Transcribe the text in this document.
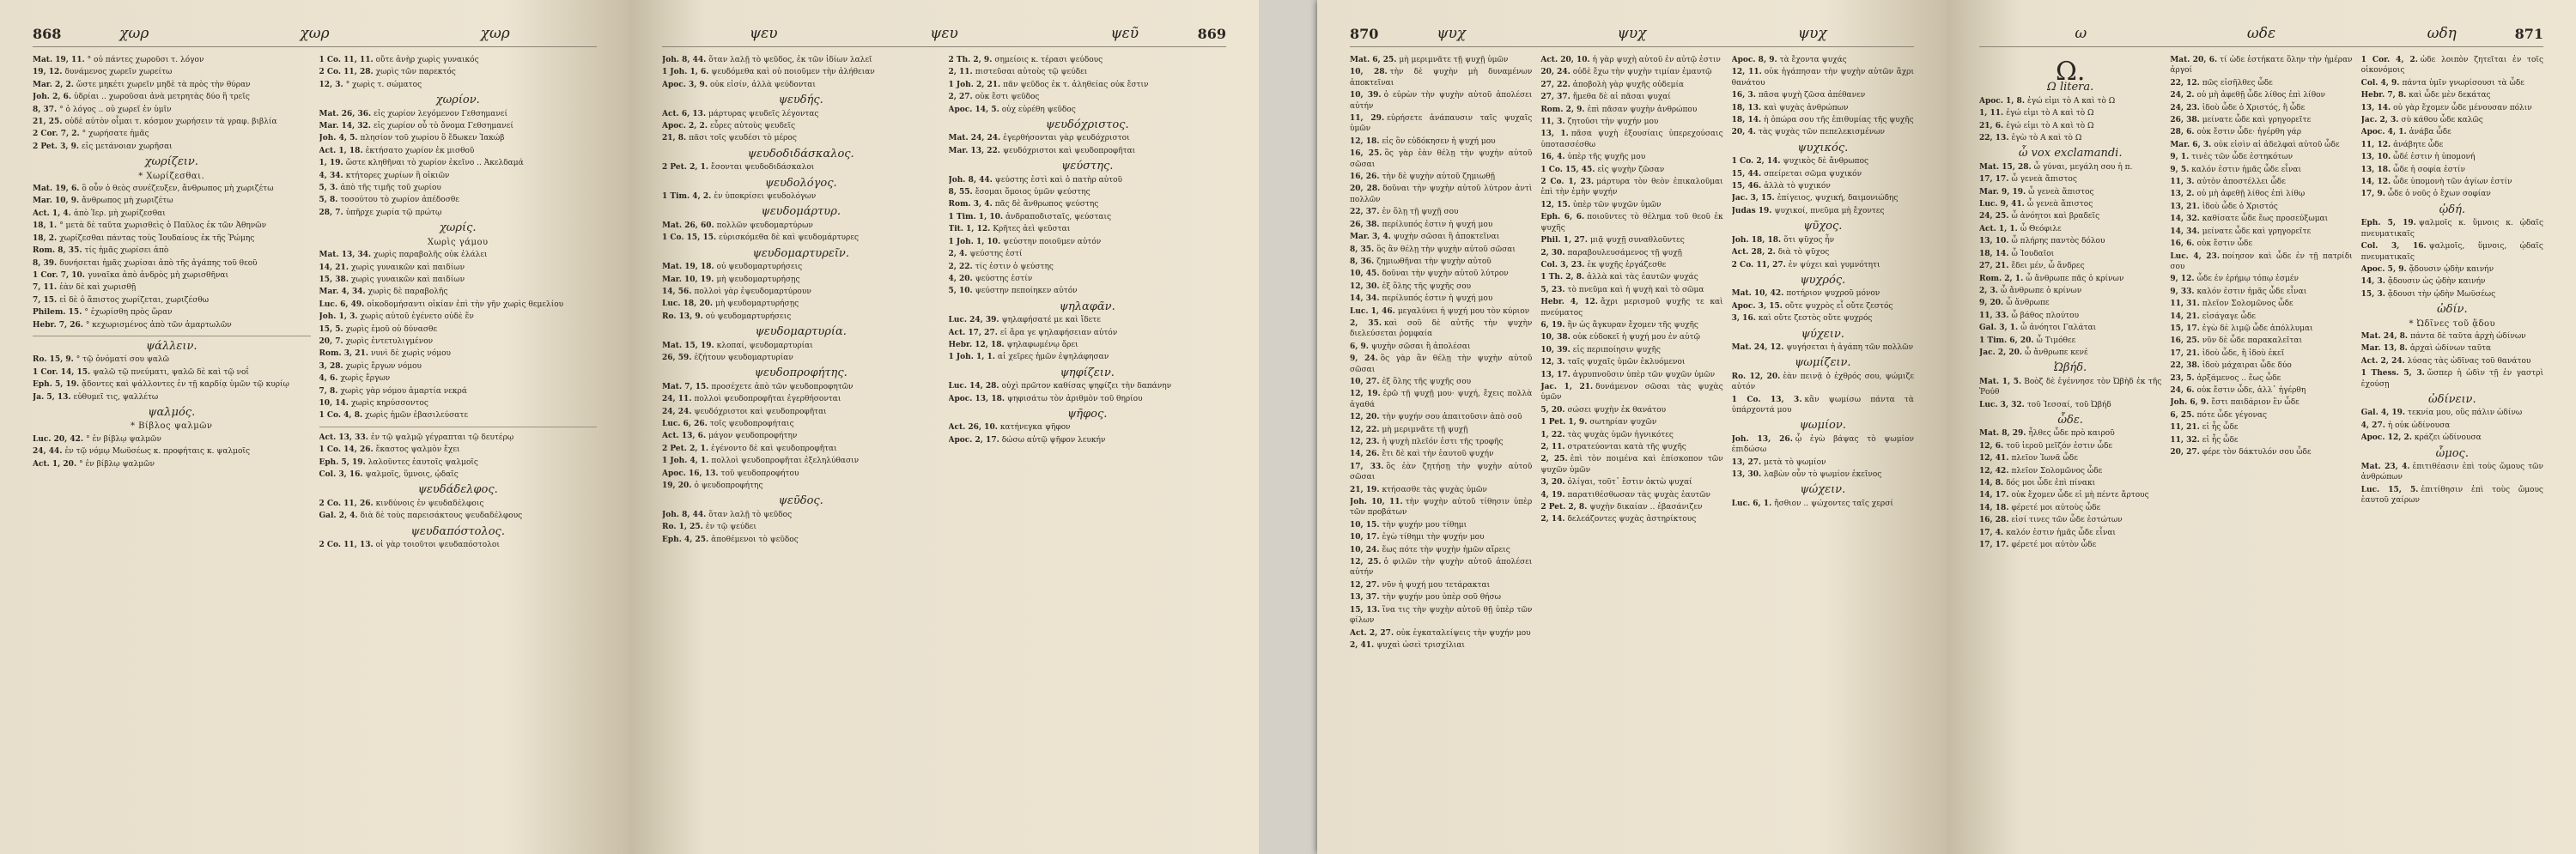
868	χωρ	χωρ	χωρ
Mat. 19, 11. ° οὐ πάντες χωροῦσι τ. λόγον
19, 12. δυνάμενος χωρεῖν χωρείτω
Mar. 2, 2. ὥστε μηκέτι χωρεῖν μηδὲ τὰ πρὸς τὴν θύραν
Joh. 2, 6. ὑδρίαι .. χωροῦσαι ἀνὰ μετρητὰς δύο ἢ τρεῖς
8, 37. ° ὁ λόγος .. οὐ χωρεῖ ἐν ὑμῖν
21, 25. οὐδὲ αὐτὸν οἶμαι τ. κόσμον χωρήσειν τὰ γραφ. βιβλία
2 Cor. 7, 2. ° χωρήσατε ἡμᾶς
2 Pet. 3, 9. εἰς μετάνοιαν χωρῆσαι
χωρίζειν.
* Χωρίζεσθαι.
Mat. 19, 6. ὃ οὖν ὁ θεὸς συνέζευξεν, ἄνθρωπος μὴ χωριζέτω
Mar. 10, 9. ἄνθρωπος μὴ χωριζέτω
Act. 1, 4. ἀπὸ Ἱερ. μὴ χωρίζεσθαι
18, 1. ° μετὰ δὲ ταῦτα χωρισθεὶς ὁ Παῦλος ἐκ τῶν Ἀθηνῶν
18, 2. χωρίζεσθαι πάντας τοὺς Ἰουδαίους ἐκ τῆς Ῥώμης
Rom. 8, 35. τίς ἡμᾶς χωρίσει ἀπὸ
8, 39. δυνήσεται ἡμᾶς χωρίσαι ἀπὸ τῆς ἀγάπης τοῦ θεοῦ
1 Cor. 7, 10. γυναῖκα ἀπὸ ἀνδρὸς μὴ χωρισθῆναι
7, 11. ἐὰν δὲ καὶ χωρισθῇ
7, 15. εἰ δὲ ὁ ἄπιστος χωρίζεται, χωριζέσθω
Philem. 15. ° ἐχωρίσθη πρὸς ὥραν
Hebr. 7, 26. ° κεχωρισμένος ἀπὸ τῶν ἁμαρτωλῶν
ψάλλειν.
Ro. 15, 9. ° τῷ ὀνόματί σου ψαλῶ
1 Cor. 14, 15. ψαλῶ τῷ πνεύματι, ψαλῶ δὲ καὶ τῷ νοΐ
Eph. 5, 19. ᾄδοντες καὶ ψάλλοντες ἐν τῇ καρδίᾳ ὑμῶν τῷ κυρίῳ
Ja. 5, 13. εὐθυμεῖ τις, ψαλλέτω
ψαλμός.
* Βίβλος ψαλμῶν
Luc. 20, 42. ° ἐν βίβλῳ ψαλμῶν
24, 44. ἐν τῷ νόμῳ Μωϋσέως κ. προφήταις κ. ψαλμοῖς
Act. 1, 20. ° ἐν βίβλῳ ψαλμῶν
1 Co. 11, 11. οὔτε ἀνὴρ χωρὶς γυναικός
2 Co. 11, 28. χωρὶς τῶν παρεκτός
12, 3. ° χωρὶς τ. σώματος
χωρίον.
Mat. 26, 36. εἰς χωρίον λεγόμενον Γεθσημανεί
Mar. 14, 32. εἰς χωρίον οὗ τὸ ὄνομα Γεθσημανεί
Joh. 4, 5. πλησίον τοῦ χωρίου ὃ ἔδωκεν Ἰακώβ
Act. 1, 18. ἐκτήσατο χωρίον ἐκ μισθοῦ
1, 19. ὥστε κληθῆναι τὸ χωρίον ἐκεῖνο .. Ἀκελδαμά
4, 34. κτήτορες χωρίων ἢ οἰκιῶν
5, 3. ἀπὸ τῆς τιμῆς τοῦ χωρίου
5, 8. τοσούτου τὸ χωρίον ἀπέδοσθε
28, 7. ὑπῆρχε χωρία τῷ πρώτῳ
χωρίς.
Χωρὶς γάμου
Mat. 13, 34. χωρὶς παραβολῆς οὐκ ἐλάλει
14, 21. χωρὶς γυναικῶν καὶ παιδίων
15, 38. χωρὶς γυναικῶν καὶ παιδίων
Mar. 4, 34. χωρὶς δὲ παραβολῆς
Luc. 6, 49. οἰκοδομήσαντι οἰκίαν ἐπὶ τὴν γῆν χωρὶς θεμελίου
Joh. 1, 3. χωρὶς αὐτοῦ ἐγένετο οὐδὲ ἕν
15, 5. χωρὶς ἐμοῦ οὐ δύνασθε
20, 7. χωρὶς ἐντετυλιγμένον
Rom. 3, 21. νυνὶ δὲ χωρὶς νόμου
3, 28. χωρὶς ἔργων νόμου
4, 6. χωρὶς ἔργων
7, 8. χωρὶς γὰρ νόμου ἁμαρτία νεκρά
10, 14. χωρὶς κηρύσσοντος
1 Co. 4, 8. χωρὶς ἡμῶν ἐβασιλεύσατε
Act. 13, 33. ἐν τῷ ψαλμῷ γέγραπται τῷ δευτέρῳ
1 Co. 14, 26. ἕκαστος ψαλμὸν ἔχει
Eph. 5, 19. λαλοῦντες ἑαυτοῖς ψαλμοῖς
Col. 3, 16. ψαλμοῖς, ὕμνοις, ᾠδαῖς
ψευδάδελφος.
2 Co. 11, 26. κινδύνοις ἐν ψευδαδέλφοις
Gal. 2, 4. διὰ δὲ τοὺς παρεισάκτους ψευδαδέλφους
ψευδαπόστολος.
2 Co. 11, 13. οἱ γὰρ τοιοῦτοι ψευδαπόστολοι
869
ψευ	ψευ	ψεῦ
Joh. 8, 44. ὅταν λαλῇ τὸ ψεῦδος, ἐκ τῶν ἰδίων λαλεῖ
1 Joh. 1, 6. ψευδόμεθα καὶ οὐ ποιοῦμεν τὴν ἀλήθειαν
Apoc. 3, 9. οὐκ εἰσίν, ἀλλὰ ψεύδονται
ψευδής.
Act. 6, 13. μάρτυρας ψευδεῖς λέγοντας
Apoc. 2, 2. εὗρες αὐτοὺς ψευδεῖς
21, 8. πᾶσι τοῖς ψευδέσι τὸ μέρος
ψευδοδιδάσκαλος.
2 Pet. 2, 1. ἔσονται ψευδοδιδάσκαλοι
ψευδολόγος.
1 Tim. 4, 2. ἐν ὑποκρίσει ψευδολόγων
ψευδομάρτυρ.
Mat. 26, 60. πολλῶν ψευδομαρτύρων
1 Co. 15, 15. εὑρισκόμεθα δὲ καὶ ψευδομάρτυρες
ψευδομαρτυρεῖν.
Mat. 19, 18. οὐ ψευδομαρτυρήσεις
Mar. 10, 19. μὴ ψευδομαρτυρήσῃς
14, 56. πολλοὶ γὰρ ἐψευδομαρτύρουν
Luc. 18, 20. μὴ ψευδομαρτυρήσῃς
Ro. 13, 9. οὐ ψευδομαρτυρήσεις
ψευδομαρτυρία.
Mat. 15, 19. κλοπαί, ψευδομαρτυρίαι
26, 59. ἐζήτουν ψευδομαρτυρίαν
ψευδοπροφήτης.
Mat. 7, 15. προσέχετε ἀπὸ τῶν ψευδοπροφητῶν
24, 11. πολλοὶ ψευδοπροφῆται ἐγερθήσονται
24, 24. ψευδόχριστοι καὶ ψευδοπροφῆται
Luc. 6, 26. τοῖς ψευδοπροφήταις
Act. 13, 6. μάγον ψευδοπροφήτην
2 Pet. 2, 1. ἐγένοντο δὲ καὶ ψευδοπροφῆται
1 Joh. 4, 1. πολλοὶ ψευδοπροφῆται ἐξεληλύθασιν
Apoc. 16, 13. τοῦ ψευδοπροφήτου
19, 20. ὁ ψευδοπροφήτης
ψεῦδος.
Joh. 8, 44. ὅταν λαλῇ τὸ ψεῦδος
Ro. 1, 25. ἐν τῷ ψεύδει
Eph. 4, 25. ἀποθέμενοι τὸ ψεῦδος
2 Th. 2, 9. σημείοις κ. τέρασι ψεύδους
2, 11. πιστεῦσαι αὐτοὺς τῷ ψεύδει
1 Joh. 2, 21. πᾶν ψεῦδος ἐκ τ. ἀληθείας οὐκ ἔστιν
2, 27. οὐκ ἔστι ψεῦδος
Apoc. 14, 5. οὐχ εὑρέθη ψεῦδος
ψευδόχριστος.
Mat. 24, 24. ἐγερθήσονται γὰρ ψευδόχριστοι
Mar. 13, 22. ψευδόχριστοι καὶ ψευδοπροφῆται
ψεύστης.
Joh. 8, 44. ψεύστης ἐστὶ καὶ ὁ πατὴρ αὐτοῦ
8, 55. ἔσομαι ὅμοιος ὑμῶν ψεύστης
Rom. 3, 4. πᾶς δὲ ἄνθρωπος ψεύστης
1 Tim. 1, 10. ἀνδραποδισταῖς, ψεύσταις
Tit. 1, 12. Κρῆτες ἀεὶ ψεῦσται
1 Joh. 1, 10. ψεύστην ποιοῦμεν αὐτόν
2, 4. ψεύστης ἐστί
2, 22. τίς ἐστιν ὁ ψεύστης
4, 20. ψεύστης ἐστίν
5, 10. ψεύστην πεποίηκεν αὐτόν
ψηλαφᾶν.
Luc. 24, 39. ψηλαφήσατέ με καὶ ἴδετε
Act. 17, 27. εἰ ἄρα γε ψηλαφήσειαν αὐτόν
Hebr. 12, 18. ψηλαφωμένῳ ὄρει
1 Joh. 1, 1. αἱ χεῖρες ἡμῶν ἐψηλάφησαν
ψηφίζειν.
Luc. 14, 28. οὐχὶ πρῶτον καθίσας ψηφίζει τὴν δαπάνην
Apoc. 13, 18. ψηφισάτω τὸν ἀριθμὸν τοῦ θηρίου
ψῆφος.
Act. 26, 10. κατήνεγκα ψῆφον
Apoc. 2, 17. δώσω αὐτῷ ψῆφον λευκήν
870	ψυχ	ψυχ	ψυχ
Mat. 6, 25. μὴ μεριμνᾶτε τῇ ψυχῇ ὑμῶν
10, 28. τὴν δὲ ψυχὴν μὴ δυναμένων ἀποκτεῖναι
10, 39. ὁ εὑρὼν τὴν ψυχὴν αὐτοῦ ἀπολέσει αὐτήν
11, 29. εὑρήσετε ἀνάπαυσιν ταῖς ψυχαῖς ὑμῶν
12, 18. εἰς ὃν εὐδόκησεν ἡ ψυχή μου
16, 25. ὃς γὰρ ἐὰν θέλῃ τὴν ψυχὴν αὐτοῦ σῶσαι
16, 26. τὴν δὲ ψυχὴν αὐτοῦ ζημιωθῇ
20, 28. δοῦναι τὴν ψυχὴν αὐτοῦ λύτρον ἀντὶ πολλῶν
22, 37. ἐν ὅλῃ τῇ ψυχῇ σου
26, 38. περίλυπός ἐστιν ἡ ψυχή μου
Mar. 3, 4. ψυχὴν σῶσαι ἢ ἀποκτεῖναι
8, 35. ὃς ἂν θέλῃ τὴν ψυχὴν αὐτοῦ σῶσαι
8, 36. ζημιωθῆναι τὴν ψυχὴν αὐτοῦ
10, 45. δοῦναι τὴν ψυχὴν αὐτοῦ λύτρον
12, 30. ἐξ ὅλης τῆς ψυχῆς σου
14, 34. περίλυπός ἐστιν ἡ ψυχή μου
Luc. 1, 46. μεγαλύνει ἡ ψυχή μου τὸν κύριον
2, 35. καὶ σοῦ δὲ αὐτῆς τὴν ψυχὴν διελεύσεται ῥομφαία
6, 9. ψυχὴν σῶσαι ἢ ἀπολέσαι
9, 24. ὃς γὰρ ἂν θέλῃ τὴν ψυχὴν αὐτοῦ σῶσαι
10, 27. ἐξ ὅλης τῆς ψυχῆς σου
12, 19. ἐρῶ τῇ ψυχῇ μου· ψυχή, ἔχεις πολλὰ ἀγαθά
12, 20. τὴν ψυχήν σου ἀπαιτοῦσιν ἀπὸ σοῦ
12, 22. μὴ μεριμνᾶτε τῇ ψυχῇ
12, 23. ἡ ψυχὴ πλεῖόν ἐστι τῆς τροφῆς
14, 26. ἔτι δὲ καὶ τὴν ἑαυτοῦ ψυχήν
17, 33. ὃς ἐὰν ζητήσῃ τὴν ψυχὴν αὐτοῦ σῶσαι
21, 19. κτήσασθε τὰς ψυχὰς ὑμῶν
Joh. 10, 11. τὴν ψυχὴν αὐτοῦ τίθησιν ὑπὲρ τῶν προβάτων
10, 15. τὴν ψυχήν μου τίθημι
10, 17. ἐγὼ τίθημι τὴν ψυχήν μου
10, 24. ἕως πότε τὴν ψυχὴν ἡμῶν αἴρεις
12, 25. ὁ φιλῶν τὴν ψυχὴν αὐτοῦ ἀπολέσει αὐτήν
12, 27. νῦν ἡ ψυχή μου τετάρακται
13, 37. τὴν ψυχήν μου ὑπὲρ σοῦ θήσω
15, 13. ἵνα τις τὴν ψυχὴν αὐτοῦ θῇ ὑπὲρ τῶν φίλων
Act. 2, 27. οὐκ ἐγκαταλείψεις τὴν ψυχήν μου
2, 41. ψυχαὶ ὡσεὶ τρισχίλιαι
Act. 20, 10. ἡ γὰρ ψυχὴ αὐτοῦ ἐν αὐτῷ ἐστιν
20, 24. οὐδὲ ἔχω τὴν ψυχὴν τιμίαν ἐμαυτῷ
27, 22. ἀποβολὴ γὰρ ψυχῆς οὐδεμία
27, 37. ἤμεθα δὲ αἱ πᾶσαι ψυχαί
Rom. 2, 9. ἐπὶ πᾶσαν ψυχὴν ἀνθρώπου
11, 3. ζητοῦσι τὴν ψυχήν μου
13, 1. πᾶσα ψυχὴ ἐξουσίαις ὑπερεχούσαις ὑποτασσέσθω
16, 4. ὑπὲρ τῆς ψυχῆς μου
1 Co. 15, 45. εἰς ψυχὴν ζῶσαν
2 Co. 1, 23. μάρτυρα τὸν θεὸν ἐπικαλοῦμαι ἐπὶ τὴν ἐμὴν ψυχήν
12, 15. ὑπὲρ τῶν ψυχῶν ὑμῶν
Eph. 6, 6. ποιοῦντες τὸ θέλημα τοῦ θεοῦ ἐκ ψυχῆς
Phil. 1, 27. μιᾷ ψυχῇ συναθλοῦντες
2, 30. παραβουλευσάμενος τῇ ψυχῇ
Col. 3, 23. ἐκ ψυχῆς ἐργάζεσθε
1 Th. 2, 8. ἀλλὰ καὶ τὰς ἑαυτῶν ψυχάς
5, 23. τὸ πνεῦμα καὶ ἡ ψυχὴ καὶ τὸ σῶμα
Hebr. 4, 12. ἄχρι μερισμοῦ ψυχῆς τε καὶ πνεύματος
6, 19. ἣν ὡς ἄγκυραν ἔχομεν τῆς ψυχῆς
10, 38. οὐκ εὐδοκεῖ ἡ ψυχή μου ἐν αὐτῷ
10, 39. εἰς περιποίησιν ψυχῆς
12, 3. ταῖς ψυχαῖς ὑμῶν ἐκλυόμενοι
13, 17. ἀγρυπνοῦσιν ὑπὲρ τῶν ψυχῶν ὑμῶν
Jac. 1, 21. δυνάμενον σῶσαι τὰς ψυχὰς ὑμῶν
5, 20. σώσει ψυχὴν ἐκ θανάτου
1 Pet. 1, 9. σωτηρίαν ψυχῶν
1, 22. τὰς ψυχὰς ὑμῶν ἡγνικότες
2, 11. στρατεύονται κατὰ τῆς ψυχῆς
2, 25. ἐπὶ τὸν ποιμένα καὶ ἐπίσκοπον τῶν ψυχῶν ὑμῶν
3, 20. ὀλίγαι, τοῦτ᾽ ἔστιν ὀκτὼ ψυχαί
4, 19. παρατιθέσθωσαν τὰς ψυχὰς ἑαυτῶν
2 Pet. 2, 8. ψυχὴν δικαίαν .. ἐβασάνιζεν
2, 14. δελεάζοντες ψυχὰς ἀστηρίκτους
Apoc. 8, 9. τὰ ἔχοντα ψυχάς
12, 11. οὐκ ἠγάπησαν τὴν ψυχὴν αὐτῶν ἄχρι θανάτου
16, 3. πᾶσα ψυχὴ ζῶσα ἀπέθανεν
18, 13. καὶ ψυχὰς ἀνθρώπων
18, 14. ἡ ὀπώρα σου τῆς ἐπιθυμίας τῆς ψυχῆς
20, 4. τὰς ψυχὰς τῶν πεπελεκισμένων
ψυχικός.
1 Co. 2, 14. ψυχικὸς δὲ ἄνθρωπος
15, 44. σπείρεται σῶμα ψυχικόν
15, 46. ἀλλὰ τὸ ψυχικόν
Jac. 3, 15. ἐπίγειος, ψυχική, δαιμονιώδης
Judas 19. ψυχικοί, πνεῦμα μὴ ἔχοντες
ψῦχος.
Joh. 18, 18. ὅτι ψῦχος ἦν
Act. 28, 2. διὰ τὸ ψῦχος
2 Co. 11, 27. ἐν ψύχει καὶ γυμνότητι
ψυχρός.
Mat. 10, 42. ποτήριον ψυχροῦ μόνον
Apoc. 3, 15. οὔτε ψυχρὸς εἶ οὔτε ζεστός
3, 16. καὶ οὔτε ζεστὸς οὔτε ψυχρός
ψύχειν.
Mat. 24, 12. ψυγήσεται ἡ ἀγάπη τῶν πολλῶν
ψωμίζειν.
Ro. 12, 20. ἐὰν πεινᾷ ὁ ἐχθρός σου, ψώμιζε αὐτόν
1 Co. 13, 3. κἂν ψωμίσω πάντα τὰ ὑπάρχοντά μου
ψωμίον.
Joh. 13, 26. ᾧ ἐγὼ βάψας τὸ ψωμίον ἐπιδώσω
13, 27. μετὰ τὸ ψωμίον
13, 30. λαβὼν οὖν τὸ ψωμίον ἐκεῖνος
ψώχειν.
Luc. 6, 1. ἤσθιον .. ψώχοντες ταῖς χερσί
871
ω	ωδε	ωδη
Ω.
Ω litera.
Apoc. 1, 8. ἐγώ εἰμι τὸ Α καὶ τὸ Ω
1, 11. ἐγώ εἰμι τὸ Α καὶ τὸ Ω
21, 6. ἐγώ εἰμι τὸ Α καὶ τὸ Ω
22, 13. ἐγὼ τὸ Α καὶ τὸ Ω
ὦ vox exclamandi.
Mat. 15, 28. ὦ γύναι, μεγάλη σου ἡ π.
17, 17. ὦ γενεὰ ἄπιστος
Mar. 9, 19. ὦ γενεὰ ἄπιστος
Luc. 9, 41. ὦ γενεὰ ἄπιστος
24, 25. ὦ ἀνόητοι καὶ βραδεῖς
Act. 1, 1. ὦ Θεόφιλε
13, 10. ὦ πλήρης παντὸς δόλου
18, 14. ὦ Ἰουδαῖοι
27, 21. ἔδει μέν, ὦ ἄνδρες
Rom. 2, 1. ὦ ἄνθρωπε πᾶς ὁ κρίνων
2, 3. ὦ ἄνθρωπε ὁ κρίνων
9, 20. ὦ ἄνθρωπε
11, 33. ὦ βάθος πλούτου
Gal. 3, 1. ὦ ἀνόητοι Γαλάται
1 Tim. 6, 20. ὦ Τιμόθεε
Jac. 2, 20. ὦ ἄνθρωπε κενέ
Ὠβήδ.
Mat. 1, 5. Βοὸζ δὲ ἐγέννησε τὸν Ὠβὴδ ἐκ τῆς Ῥούθ
Luc. 3, 32. τοῦ Ἰεσσαί, τοῦ Ὠβήδ
ὧδε.
Mat. 8, 29. ἦλθες ὧδε πρὸ καιροῦ
12, 6. τοῦ ἱεροῦ μεῖζόν ἐστιν ὧδε
12, 41. πλεῖον Ἰωνᾶ ὧδε
12, 42. πλεῖον Σολομῶνος ὧδε
14, 8. δός μοι ὧδε ἐπὶ πίνακι
14, 17. οὐκ ἔχομεν ὧδε εἰ μὴ πέντε ἄρτους
14, 18. φέρετέ μοι αὐτοὺς ὧδε
16, 28. εἰσί τινες τῶν ὧδε ἑστώτων
17, 4. καλόν ἐστιν ἡμᾶς ὧδε εἶναι
17, 17. φέρετέ μοι αὐτὸν ὧδε
Mat. 20, 6. τί ὧδε ἑστήκατε ὅλην τὴν ἡμέραν ἀργοί
22, 12. πῶς εἰσῆλθες ὧδε
24, 2. οὐ μὴ ἀφεθῇ ὧδε λίθος ἐπὶ λίθον
24, 23. ἰδοὺ ὧδε ὁ Χριστός, ἢ ὧδε
26, 38. μείνατε ὧδε καὶ γρηγορεῖτε
28, 6. οὐκ ἔστιν ὧδε· ἠγέρθη γάρ
Mar. 6, 3. οὐκ εἰσὶν αἱ ἀδελφαὶ αὐτοῦ ὧδε
9, 1. τινὲς τῶν ὧδε ἑστηκότων
9, 5. καλόν ἐστιν ἡμᾶς ὧδε εἶναι
11, 3. αὐτὸν ἀποστέλλει ὧδε
13, 2. οὐ μὴ ἀφεθῇ λίθος ἐπὶ λίθῳ
13, 21. ἰδοὺ ὧδε ὁ Χριστός
14, 32. καθίσατε ὧδε ἕως προσεύξωμαι
14, 34. μείνατε ὧδε καὶ γρηγορεῖτε
16, 6. οὐκ ἔστιν ὧδε
Luc. 4, 23. ποίησον καὶ ὧδε ἐν τῇ πατρίδι σου
9, 12. ὧδε ἐν ἐρήμῳ τόπῳ ἐσμέν
9, 33. καλόν ἐστιν ἡμᾶς ὧδε εἶναι
11, 31. πλεῖον Σολομῶνος ὧδε
14, 21. εἰσάγαγε ὧδε
15, 17. ἐγὼ δὲ λιμῷ ὧδε ἀπόλλυμαι
16, 25. νῦν δὲ ὧδε παρακαλεῖται
17, 21. ἰδοὺ ὧδε, ἢ ἰδοὺ ἐκεῖ
22, 38. ἰδοὺ μάχαιραι ὧδε δύο
23, 5. ἀρξάμενος .. ἕως ὧδε
24, 6. οὐκ ἔστιν ὧδε, ἀλλ᾽ ἠγέρθη
Joh. 6, 9. ἔστι παιδάριον ἓν ὧδε
6, 25. πότε ὧδε γέγονας
11, 21. εἰ ἦς ὧδε
11, 32. εἰ ἦς ὧδε
20, 27. φέρε τὸν δάκτυλόν σου ὧδε
1 Cor. 4, 2. ὧδε λοιπὸν ζητεῖται ἐν τοῖς οἰκονόμοις
Col. 4, 9. πάντα ὑμῖν γνωρίσουσι τὰ ὧδε
Hebr. 7, 8. καὶ ὧδε μὲν δεκάτας
13, 14. οὐ γὰρ ἔχομεν ὧδε μένουσαν πόλιν
Jac. 2, 3. σὺ κάθου ὧδε καλῶς
Apoc. 4, 1. ἀνάβα ὧδε
11, 12. ἀνάβητε ὧδε
13, 10. ὧδέ ἐστιν ἡ ὑπομονή
13, 18. ὧδε ἡ σοφία ἐστίν
14, 12. ὧδε ὑπομονὴ τῶν ἁγίων ἐστίν
17, 9. ὧδε ὁ νοῦς ὁ ἔχων σοφίαν
ᾠδή.
Eph. 5, 19. ψαλμοῖς κ. ὕμνοις κ. ᾠδαῖς πνευματικαῖς
Col. 3, 16. ψαλμοῖς, ὕμνοις, ᾠδαῖς πνευματικαῖς
Apoc. 5, 9. ᾄδουσιν ᾠδὴν καινήν
14, 3. ᾄδουσιν ὡς ᾠδὴν καινήν
15, 3. ᾄδουσι τὴν ᾠδὴν Μωϋσέως
ὠδίν.
* Ὠδῖνες τοῦ ᾅδου
Mat. 24, 8. πάντα δὲ ταῦτα ἀρχὴ ὠδίνων
Mar. 13, 8. ἀρχαὶ ὠδίνων ταῦτα
Act. 2, 24. λύσας τὰς ὠδῖνας τοῦ θανάτου
1 Thess. 5, 3. ὥσπερ ἡ ὠδὶν τῇ ἐν γαστρὶ ἐχούσῃ
ὠδίνειν.
Gal. 4, 19. τεκνία μου, οὓς πάλιν ὠδίνω
4, 27. ἡ οὐκ ὠδίνουσα
Apoc. 12, 2. κράζει ὠδίνουσα
ὦμος.
Mat. 23, 4. ἐπιτιθέασιν ἐπὶ τοὺς ὤμους τῶν ἀνθρώπων
Luc. 15, 5. ἐπιτίθησιν ἐπὶ τοὺς ὤμους ἑαυτοῦ χαίρων
